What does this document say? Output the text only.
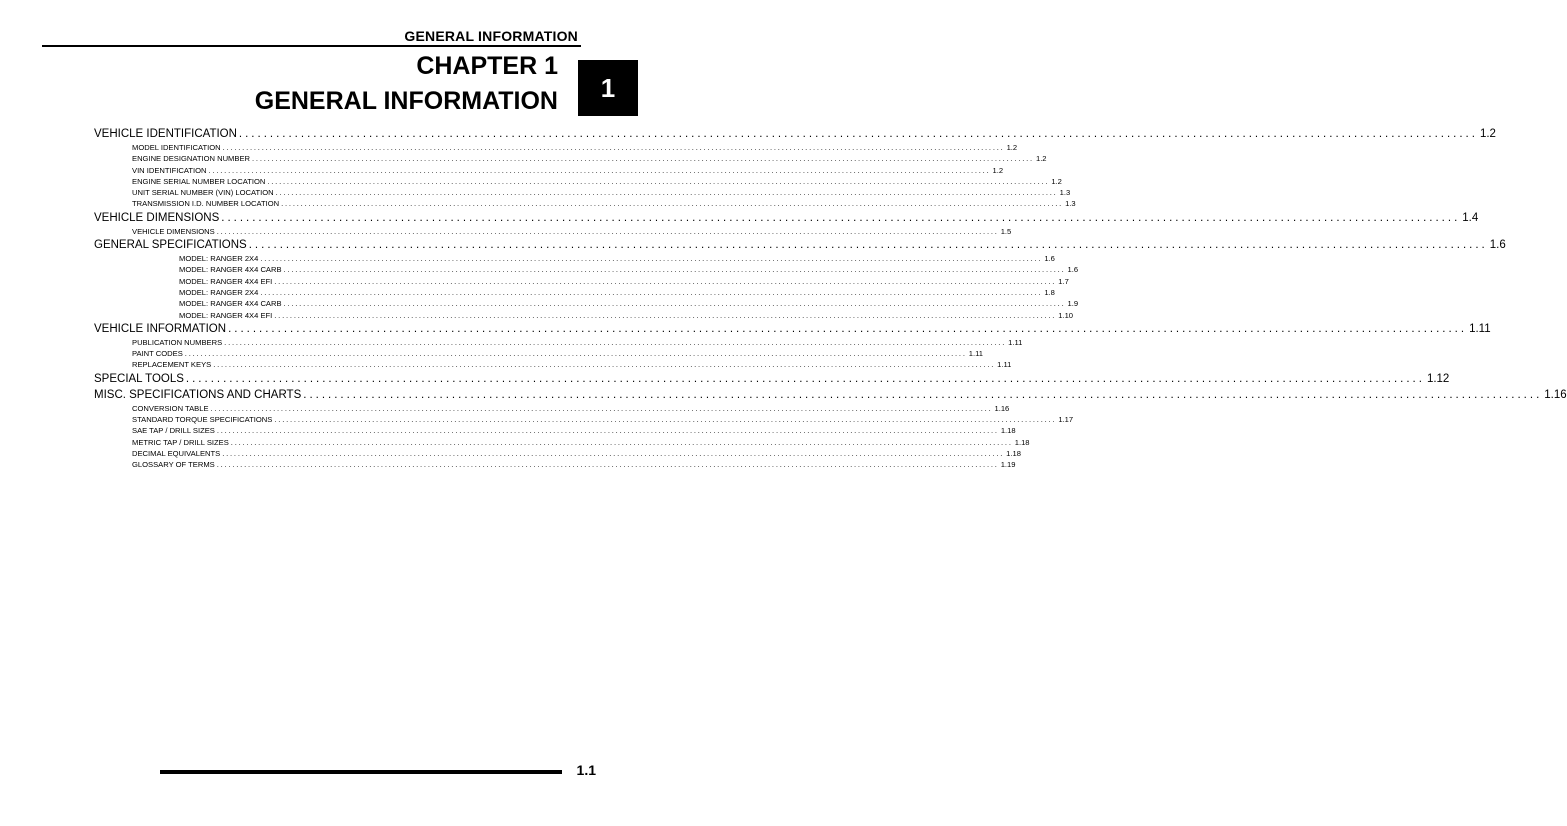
GENERAL INFORMATION
CHAPTER 1
GENERAL INFORMATION	1
VEHICLE IDENTIFICATION ........................................................................................................................................................................................................ 1.2
MODEL IDENTIFICATION ........................................................................................................................................................................................................ 1.2
ENGINE DESIGNATION NUMBER ........................................................................................................................................................................................................ 1.2
VIN IDENTIFICATION ........................................................................................................................................................................................................ 1.2
ENGINE SERIAL NUMBER LOCATION ........................................................................................................................................................................................................ 1.2
UNIT SERIAL NUMBER (VIN) LOCATION ........................................................................................................................................................................................................ 1.3
TRANSMISSION I.D. NUMBER LOCATION ........................................................................................................................................................................................................ 1.3
VEHICLE DIMENSIONS ........................................................................................................................................................................................................ 1.4
VEHICLE DIMENSIONS ........................................................................................................................................................................................................ 1.5
GENERAL SPECIFICATIONS ........................................................................................................................................................................................................ 1.6
MODEL: RANGER 2X4 ........................................................................................................................................................................................................ 1.6
MODEL: RANGER 4X4 CARB ........................................................................................................................................................................................................ 1.6
MODEL: RANGER 4X4 EFI ........................................................................................................................................................................................................ 1.7
MODEL: RANGER 2X4 ........................................................................................................................................................................................................ 1.8
MODEL: RANGER 4X4 CARB ........................................................................................................................................................................................................ 1.9
MODEL: RANGER 4X4 EFI ........................................................................................................................................................................................................ 1.10
VEHICLE INFORMATION ........................................................................................................................................................................................................ 1.11
PUBLICATION NUMBERS ........................................................................................................................................................................................................ 1.11
PAINT CODES ........................................................................................................................................................................................................ 1.11
REPLACEMENT KEYS ........................................................................................................................................................................................................ 1.11
SPECIAL TOOLS ........................................................................................................................................................................................................ 1.12
MISC. SPECIFICATIONS AND CHARTS ........................................................................................................................................................................................................ 1.16
CONVERSION TABLE ........................................................................................................................................................................................................ 1.16
STANDARD TORQUE SPECIFICATIONS ........................................................................................................................................................................................................ 1.17
SAE TAP / DRILL SIZES ........................................................................................................................................................................................................ 1.18
METRIC TAP / DRILL SIZES ........................................................................................................................................................................................................ 1.18
DECIMAL EQUIVALENTS ........................................................................................................................................................................................................ 1.18
GLOSSARY OF TERMS ........................................................................................................................................................................................................ 1.19
1.1
